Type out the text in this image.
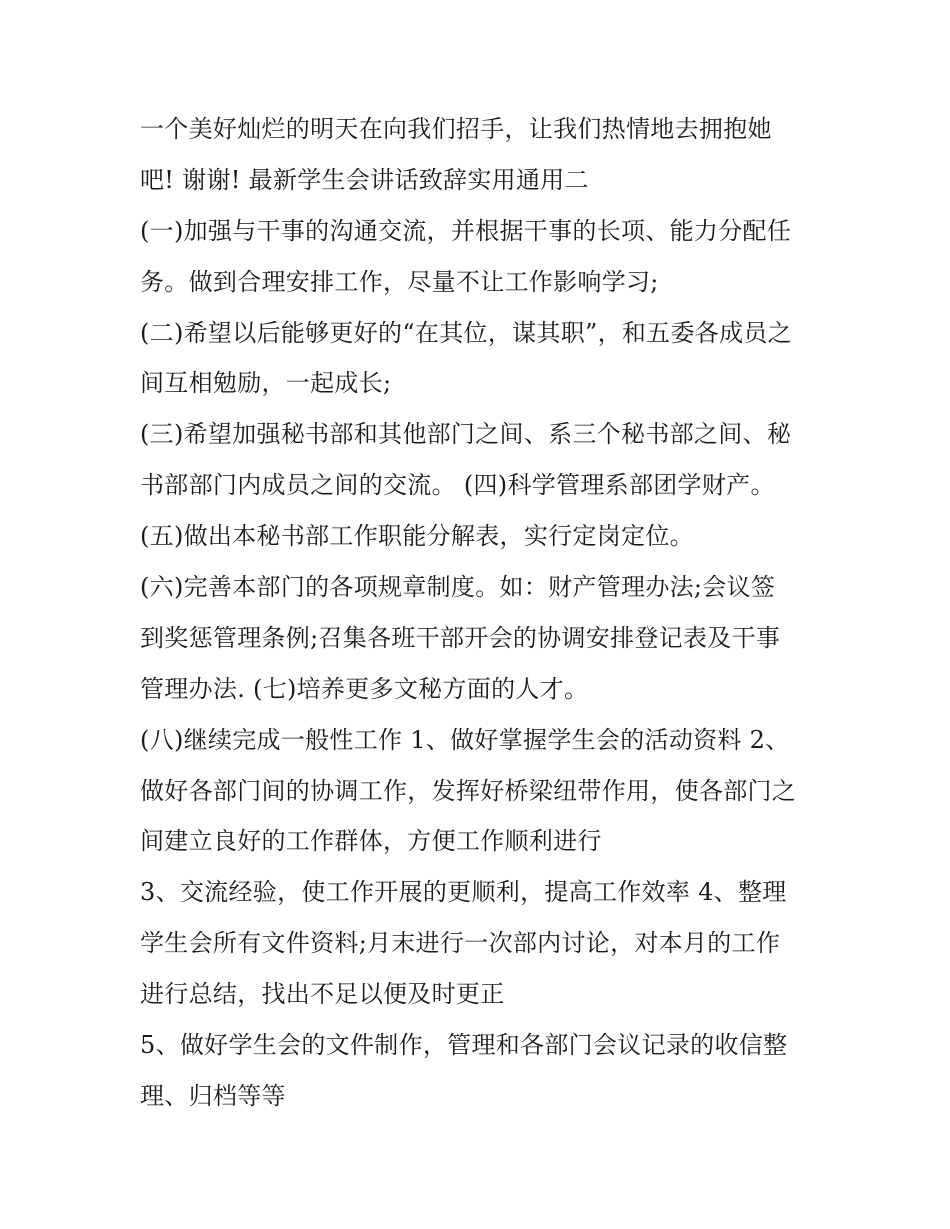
一个美好灿烂的明天在向我们招手，让我们热情地去拥抱她
吧! 谢谢! 最新学生会讲话致辞实用通用二
(一)加强与干事的沟通交流，并根据干事的长项、能力分配任
务。做到合理安排工作，尽量不让工作影响学习;
(二)希望以后能够更好的“在其位，谋其职”，和五委各成员之
间互相勉励，一起成长;
(三)希望加强秘书部和其他部门之间、系三个秘书部之间、秘
书部部门内成员之间的交流。 (四)科学管理系部团学财产。
(五)做出本秘书部工作职能分解表，实行定岗定位。
(六)完善本部门的各项规章制度。如：财产管理办法;会议签
到奖惩管理条例;召集各班干部开会的协调安排登记表及干事
管理办法. (七)培养更多文秘方面的人才。
(八)继续完成一般性工作 1、做好掌握学生会的活动资料 2、
做好各部门间的协调工作，发挥好桥梁纽带作用，使各部门之
间建立良好的工作群体，方便工作顺利进行
3、交流经验，使工作开展的更顺利，提高工作效率 4、整理
学生会所有文件资料;月末进行一次部内讨论，对本月的工作
进行总结，找出不足以便及时更正
5、做好学生会的文件制作，管理和各部门会议记录的收信整
理、归档等等
